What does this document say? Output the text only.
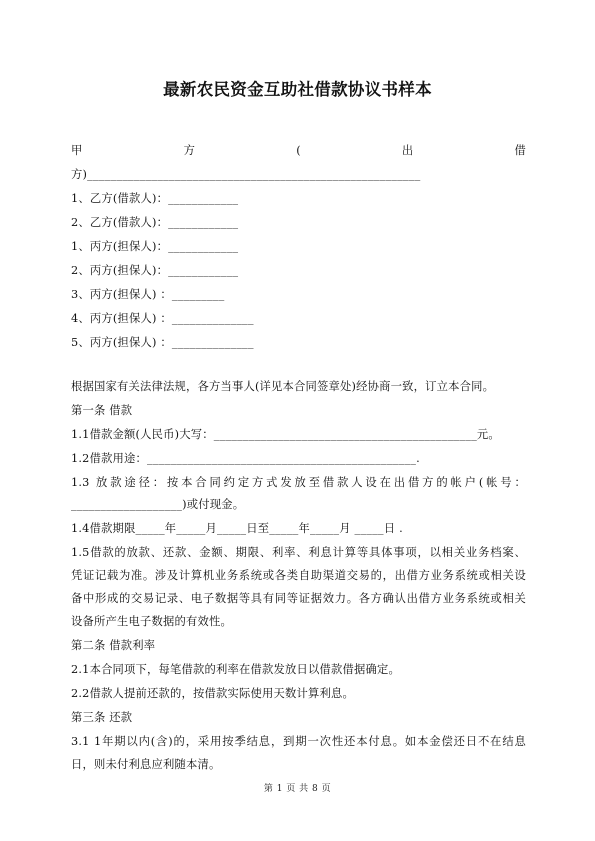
最新农民资金互助社借款协议书样本
甲	方	(	出	借
方)_________________________________________________________
1、乙方(借款人)：____________
2、乙方(借款人)：____________
1、丙方(担保人)：____________
2、丙方(担保人)：____________
3、丙方(担保人) ：_________
4、丙方(担保人) ：______________
5、丙方(担保人) ：______________
根据国家有关法律法规，各方当事人(详见本合同签章处)经协商一致，订立本合同。
第一条 借款
1.1借款金额(人民币)大写：_____________________________________________元。
1.2借款用途：______________________________________________.
1.3 放款途径：按本合同约定方式发放至借款人设在出借方的帐户(帐号：
___________________)或付现金。
1.4借款期限_____年_____月_____日至_____年_____月 _____日 .
1.5借款的放款、还款、金额、期限、利率、利息计算等具体事项，以相关业务档案、
凭证记载为准。涉及计算机业务系统或各类自助渠道交易的，出借方业务系统或相关设
备中形成的交易记录、电子数据等具有同等证据效力。各方确认出借方业务系统或相关
设备所产生电子数据的有效性。
第二条 借款利率
2.1本合同项下，每笔借款的利率在借款发放日以借款借据确定。
2.2借款人提前还款的，按借款实际使用天数计算利息。
第三条 还款
3.1 1年期以内(含)的，采用按季结息，到期一次性还本付息。如本金偿还日不在结息
日，则未付利息应利随本清。
第 1 页 共 8 页
